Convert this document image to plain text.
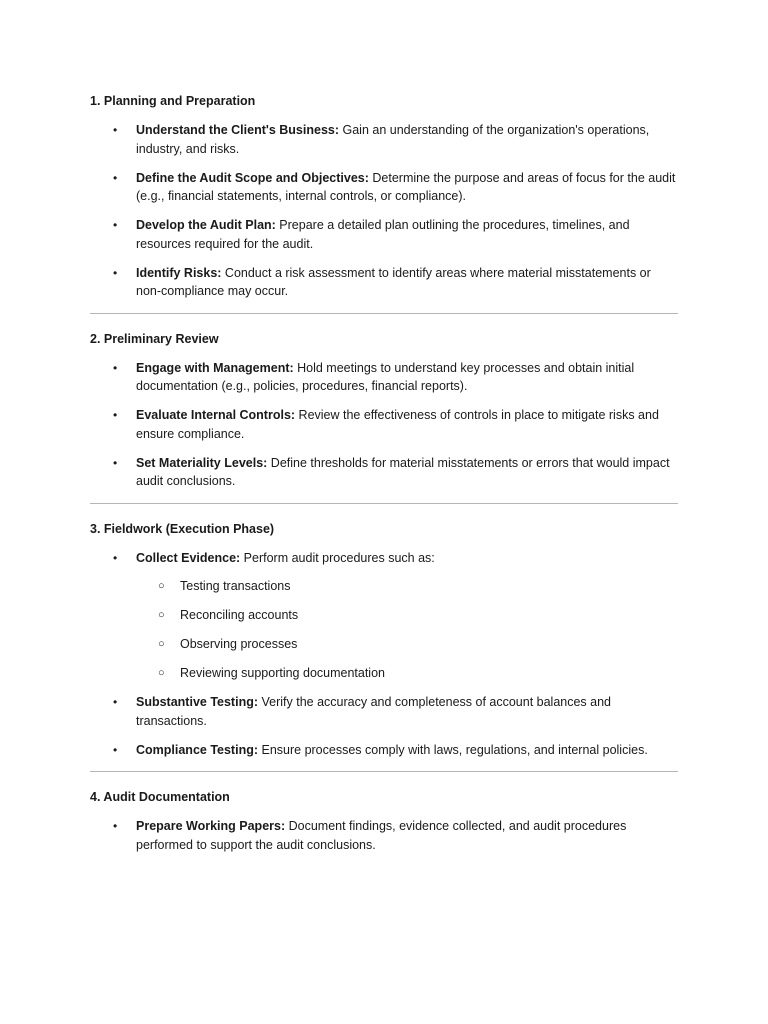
1. Planning and Preparation

• Understand the Client's Business: Gain an understanding of the organization's operations, industry, and risks.
• Define the Audit Scope and Objectives: Determine the purpose and areas of focus for the audit (e.g., financial statements, internal controls, or compliance).
• Develop the Audit Plan: Prepare a detailed plan outlining the procedures, timelines, and resources required for the audit.
• Identify Risks: Conduct a risk assessment to identify areas where material misstatements or non-compliance may occur.

2. Preliminary Review

• Engage with Management: Hold meetings to understand key processes and obtain initial documentation (e.g., policies, procedures, financial reports).
• Evaluate Internal Controls: Review the effectiveness of controls in place to mitigate risks and ensure compliance.
• Set Materiality Levels: Define thresholds for material misstatements or errors that would impact audit conclusions.

3. Fieldwork (Execution Phase)

• Collect Evidence: Perform audit procedures such as:
○ Testing transactions
○ Reconciling accounts
○ Observing processes
○ Reviewing supporting documentation
• Substantive Testing: Verify the accuracy and completeness of account balances and transactions.
• Compliance Testing: Ensure processes comply with laws, regulations, and internal policies.

4. Audit Documentation

• Prepare Working Papers: Document findings, evidence collected, and audit procedures performed to support the audit conclusions.
